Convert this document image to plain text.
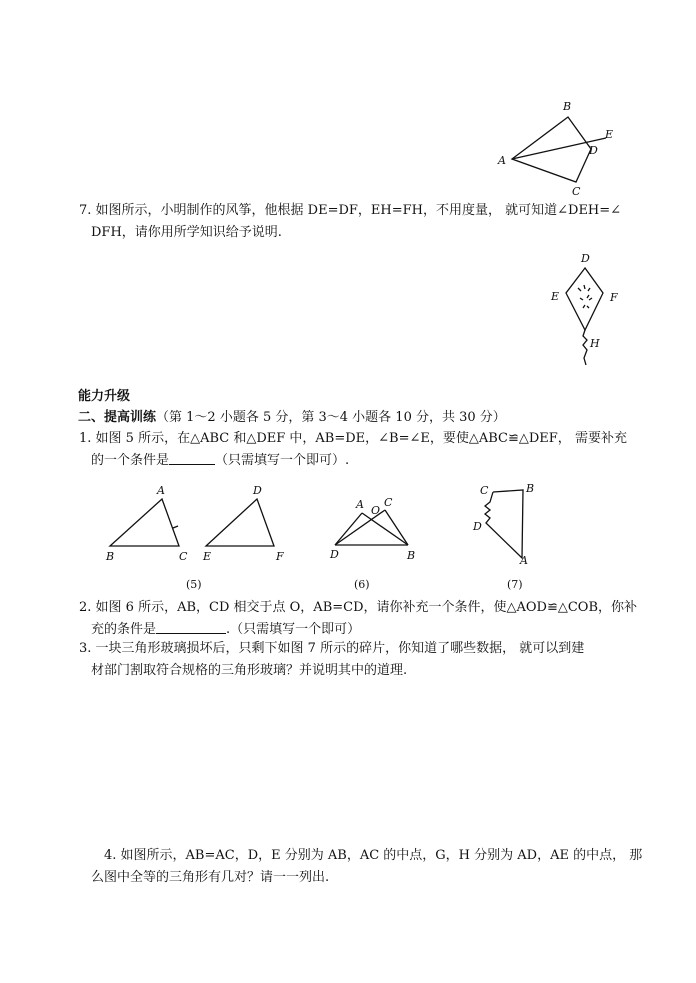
A
B
C
D
E
7. 如图所示，小明制作的风筝，他根据 DE=DF，EH=FH，不用度量， 就可知道∠DEH=∠
DFH，请你用所学知识给予说明.
D
E	F
H
能力升级
二、提高训练（第 1～2 小题各 5 分，第 3～4 小题各 10 分，共 30 分）
1. 如图 5 所示，在△ABC 和△DEF 中，AB=DE，∠B=∠E，要使△ABC≌△DEF， 需要补充
的一个条件是	（只需填写一个即可）.
A
B	C
D
E	F
(5)
A O
C
D	B
(6)
C	B
D
A
(7)
2. 如图 6 所示，AB，CD 相交于点 O，AB=CD，请你补充一个条件，使△AOD≌△COB，你补
充的条件是	.（只需填写一个即可）
3. 一块三角形玻璃损坏后，只剩下如图 7 所示的碎片，你知道了哪些数据， 就可以到建
材部门割取符合规格的三角形玻璃？并说明其中的道理.
4. 如图所示，AB=AC，D，E 分别为 AB，AC 的中点，G，H 分别为 AD，AE 的中点， 那
么图中全等的三角形有几对？请一一列出.
